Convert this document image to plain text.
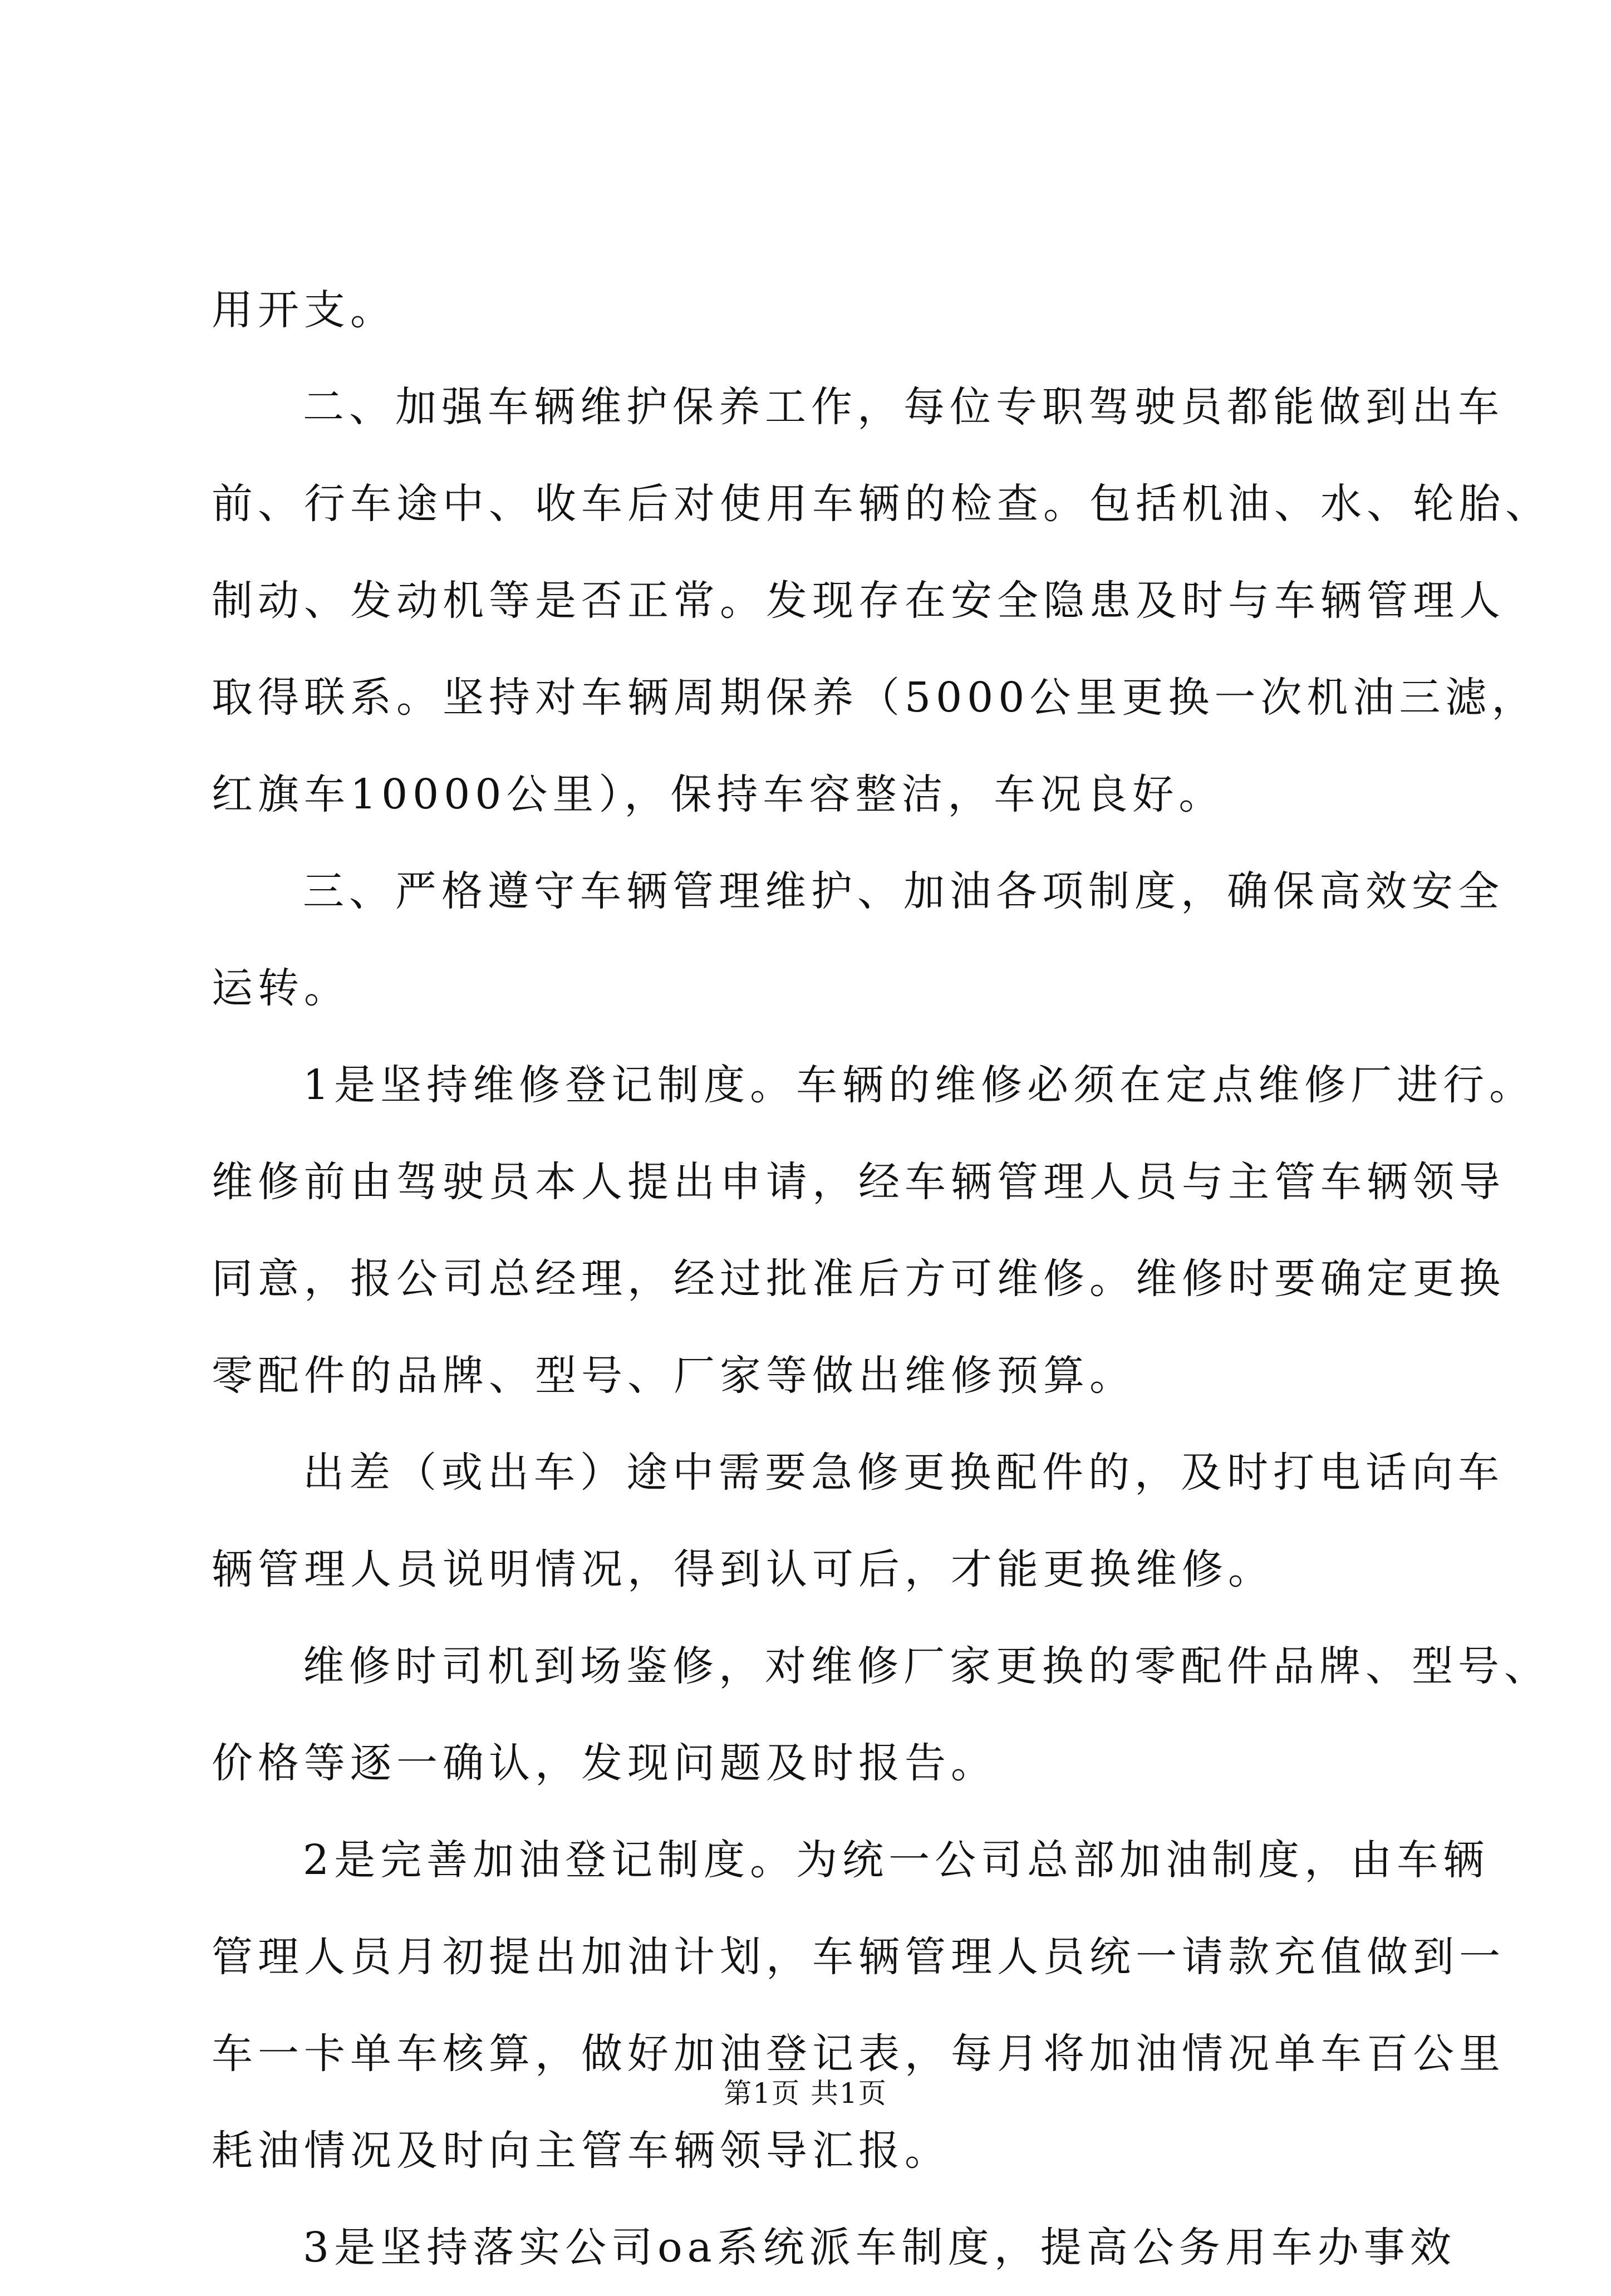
用开支。
二、加强车辆维护保养工作，每位专职驾驶员都能做到出车
前、行车途中、收车后对使用车辆的检查。包括机油、水、轮胎、
制动、发动机等是否正常。发现存在安全隐患及时与车辆管理人
取得联系。坚持对车辆周期保养（5000公里更换一次机油三滤，
红旗车10000公里），保持车容整洁，车况良好。
三、严格遵守车辆管理维护、加油各项制度，确保高效安全
运转。
1是坚持维修登记制度。车辆的维修必须在定点维修厂进行。
维修前由驾驶员本人提出申请，经车辆管理人员与主管车辆领导
同意，报公司总经理，经过批准后方可维修。维修时要确定更换
零配件的品牌、型号、厂家等做出维修预算。
出差（或出车）途中需要急修更换配件的，及时打电话向车
辆管理人员说明情况，得到认可后，才能更换维修。
维修时司机到场鉴修，对维修厂家更换的零配件品牌、型号、
价格等逐一确认，发现问题及时报告。
2是完善加油登记制度。为统一公司总部加油制度，由车辆
管理人员月初提出加油计划，车辆管理人员统一请款充值做到一
车一卡单车核算，做好加油登记表，每月将加油情况单车百公里
耗油情况及时向主管车辆领导汇报。
3是坚持落实公司oa系统派车制度，提高公务用车办事效
第1页 共1页
